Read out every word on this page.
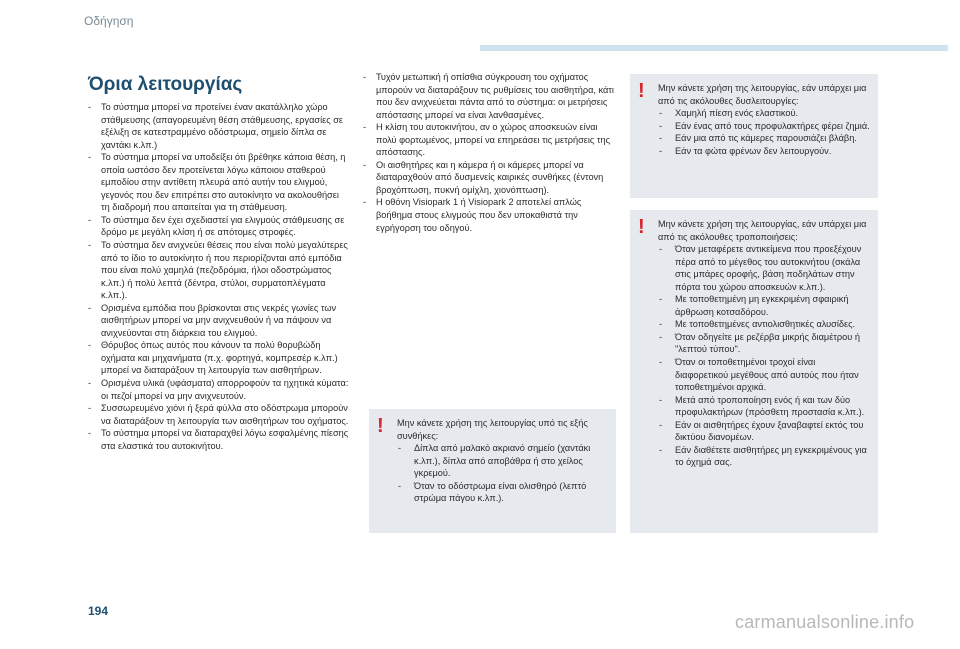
Οδήγηση
Όρια λειτουργίας
- Το σύστημα μπορεί να προτείνει έναν ακατάλληλο χώρο στάθμευσης (απαγορευμένη θέση στάθμευσης, εργασίες σε εξέλιξη σε κατεστραμμένο οδόστρωμα, σημείο δίπλα σε χαντάκι κ.λπ.)
- Το σύστημα μπορεί να υποδείξει ότι βρέθηκε κάποια θέση, η οποία ωστόσο δεν προτείνεται λόγω κάποιου σταθερού εμποδίου στην αντίθετη πλευρά από αυτήν του ελιγμού, γεγονός που δεν επιτρέπει στο αυτοκίνητο να ακολουθήσει τη διαδρομή που απαιτείται για τη στάθμευση.
- Το σύστημα δεν έχει σχεδιαστεί για ελιγμούς στάθμευσης σε δρόμο με μεγάλη κλίση ή σε απότομες στροφές.
- Το σύστημα δεν ανιχνεύει θέσεις που είναι πολύ μεγαλύτερες από το ίδιο το αυτοκίνητο ή που περιορίζονται από εμπόδια που είναι πολύ χαμηλά (πεζοδρόμια, ήλοι οδοστρώματος κ.λπ.) ή πολύ λεπτά (δέντρα, στύλοι, συρματοπλέγματα κ.λπ.).
- Ορισμένα εμπόδια που βρίσκονται στις νεκρές γωνίες των αισθητήρων μπορεί να μην ανιχνευθούν ή να πάψουν να ανιχνεύονται στη διάρκεια του ελιγμού.
- Θόρυβος όπως αυτός που κάνουν τα πολύ θορυβώδη οχήματα και μηχανήματα (π.χ. φορτηγά, κομπρεσέρ κ.λπ.) μπορεί να διαταράξουν τη λειτουργία των αισθητήρων.
- Ορισμένα υλικά (υφάσματα) απορροφούν τα ηχητικά κύματα: οι πεζοί μπορεί να μην ανιχνευτούν.
- Συσσωρευμένο χιόνι ή ξερά φύλλα στο οδόστρωμα μπορούν να διαταράξουν τη λειτουργία των αισθητήρων του οχήματος.
- Το σύστημα μπορεί να διαταραχθεί λόγω εσφαλμένης πίεσης στα ελαστικά του αυτοκινήτου.
- Τυχόν μετωπική ή οπίσθια σύγκρουση του οχήματος μπορούν να διαταράξουν τις ρυθμίσεις του αισθητήρα, κάτι που δεν ανιχνεύεται πάντα από το σύστημα: οι μετρήσεις απόστασης μπορεί να είναι λανθασμένες.
- Η κλίση του αυτοκινήτου, αν ο χώρος αποσκευών είναι πολύ φορτωμένος, μπορεί να επηρεάσει τις μετρήσεις της απόστασης.
- Οι αισθητήρες και η κάμερα ή οι κάμερες μπορεί να διαταραχθούν από δυσμενείς καιρικές συνθήκες (έντονη βροχόπτωση, πυκνή ομίχλη, χιονόπτωση).
- Η οθόνη Visiopark 1 ή Visiopark 2 αποτελεί απλώς βοήθημα στους ελιγμούς που δεν υποκαθιστά την εγρήγορση του οδηγού.
! Μην κάνετε χρήση της λειτουργίας υπό τις εξής συνθήκες:

- Δίπλα από μαλακό ακριανό σημείο (χαντάκι κ.λπ.), δίπλα από αποβάθρα ή στο χείλος γκρεμού.
- Όταν το οδόστρωμα είναι ολισθηρό (λεπτό στρώμα πάγου κ.λπ.).
! Μην κάνετε χρήση της λειτουργίας, εάν υπάρχει μια από τις ακόλουθες δυσλειτουργίες:

- Χαμηλή πίεση ενός ελαστικού.
- Εάν ένας από τους προφυλακτήρες φέρει ζημιά.
- Εάν μια από τις κάμερες παρουσιάζει βλάβη.
- Εάν τα φώτα φρένων δεν λειτουργούν.
! Μην κάνετε χρήση της λειτουργίας, εάν υπάρχει μια από τις ακόλουθες τροποποιήσεις:

- Όταν μεταφέρετε αντικείμενα που προεξέχουν πέρα από το μέγεθος του αυτοκινήτου (σκάλα στις μπάρες οροφής, βάση ποδηλάτων στην πόρτα του χώρου αποσκευών κ.λπ.).
- Με τοποθετημένη μη εγκεκριμένη σφαιρική άρθρωση κοτσαδόρου.
- Με τοποθετημένες αντιολισθητικές αλυσίδες.
- Όταν οδηγείτε με ρεζέρβα μικρής διαμέτρου ή "λεπτού τύπου".
- Όταν οι τοποθετημένοι τροχοί είναι διαφορετικού μεγέθους από αυτούς που ήταν τοποθετημένοι αρχικά.
- Μετά από τροποποίηση ενός ή και των δύο προφυλακτήρων (πρόσθετη προστασία κ.λπ.).
- Εάν οι αισθητήρες έχουν ξαναβαφτεί εκτός του δικτύου διανομέων.
- Εάν διαθέτετε αισθητήρες μη εγκεκριμένους για το όχημά σας.
194
carmanualsonline.info
